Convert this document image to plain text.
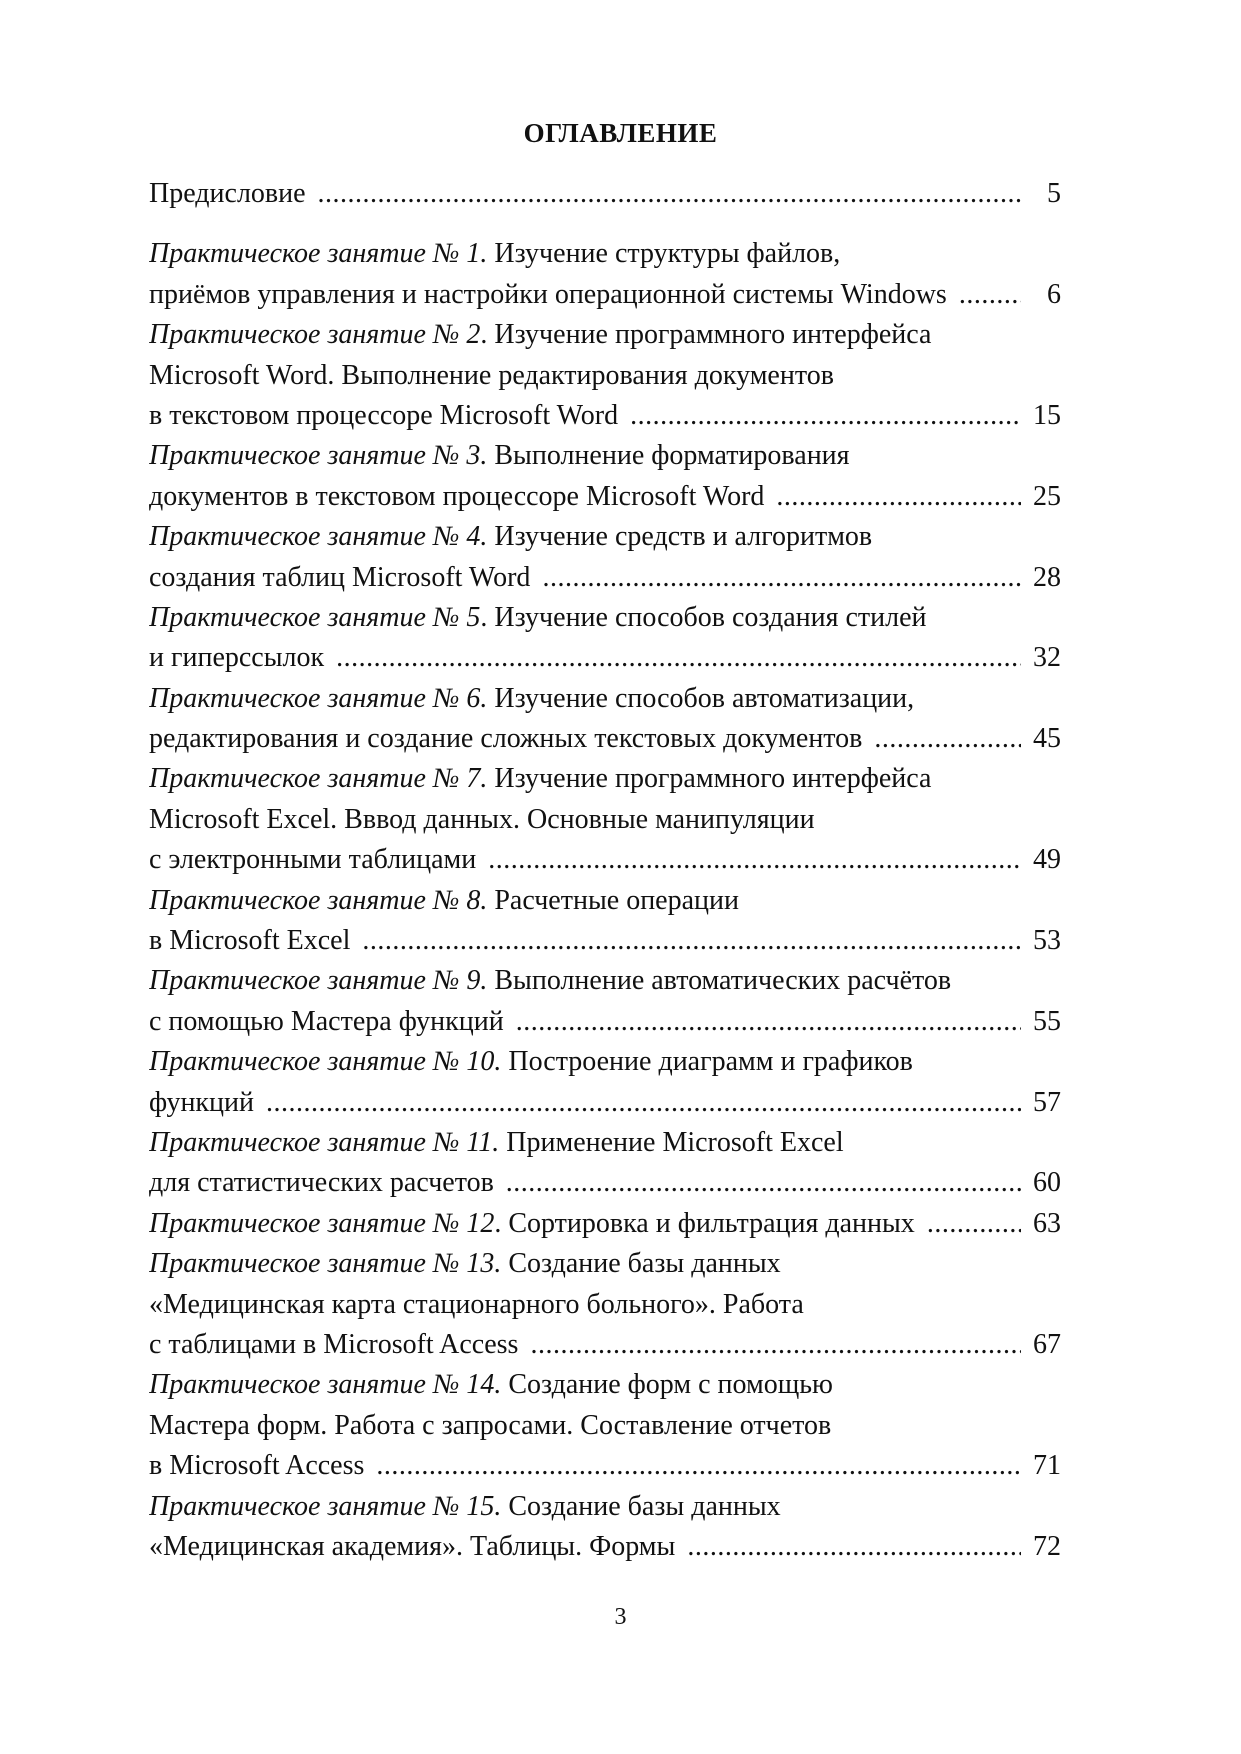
ОГЛАВЛЕНИЕ
Предисловие .....	5
Практическое занятие № 1. Изучение структуры файлов,
приёмов управления и настройки операционной системы Windows .....	6
Практическое занятие № 2. Изучение программного интерфейса
Microsoft Word. Выполнение редактирования документов
в текстовом процессоре Microsoft Word .....	15
Практическое занятие № 3. Выполнение форматирования
документов в текстовом процессоре Microsoft Word .....	25
Практическое занятие № 4. Изучение средств и алгоритмов
создания таблиц Microsoft Word .....	28
Практическое занятие № 5. Изучение способов создания стилей
и гиперссылок .....	32
Практическое занятие № 6. Изучение способов автоматизации,
редактирования и создание сложных текстовых документов .....	45
Практическое занятие № 7. Изучение программного интерфейса
Microsoft Excel. Вввод данных. Основные манипуляции
с электронными таблицами .....	49
Практическое занятие № 8. Расчетные операции
в Microsoft Excel .....	53
Практическое занятие № 9. Выполнение автоматических расчётов
с помощью Мастера функций .....	55
Практическое занятие № 10. Построение диаграмм и графиков
функций .....	57
Практическое занятие № 11. Применение Microsoft Excel
для статистических расчетов .....	60
Практическое занятие № 12. Сортировка и фильтрация данных .....	63
Практическое занятие № 13. Создание базы данных
«Медицинская карта стационарного больного». Работа
с таблицами в Microsoft Access .....	67
Практическое занятие № 14. Создание форм с помощью
Мастера форм. Работа с запросами. Составление отчетов
в Microsoft Access .....	71
Практическое занятие № 15. Создание базы данных
«Медицинская академия». Таблицы. Формы .....	72
3
